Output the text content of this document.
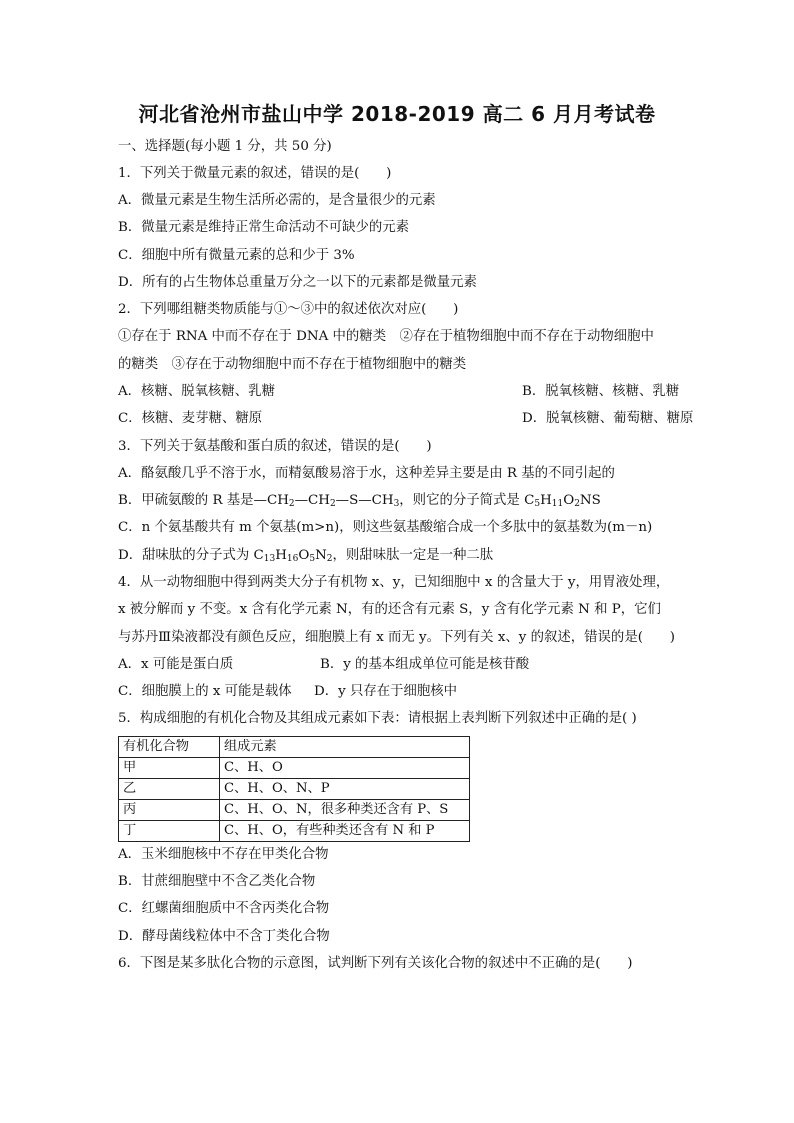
河北省沧州市盐山中学 2018-2019 高二 6 月月考试卷
一、选择题(每小题 1 分，共 50 分)
1．下列关于微量元素的叙述，错误的是(　　)
A．微量元素是生物生活所必需的，是含量很少的元素
B．微量元素是维持正常生命活动不可缺少的元素
C．细胞中所有微量元素的总和少于 3%
D．所有的占生物体总重量万分之一以下的元素都是微量元素
2．下列哪组糖类物质能与①～③中的叙述依次对应(　　)
①存在于 RNA 中而不存在于 DNA 中的糖类　②存在于植物细胞中而不存在于动物细胞中
的糖类　③存在于动物细胞中而不存在于植物细胞中的糖类
A．核糖、脱氧核糖、乳糖	B．脱氧核糖、核糖、乳糖
C．核糖、麦芽糖、糖原	D．脱氧核糖、葡萄糖、糖原
3．下列关于氨基酸和蛋白质的叙述，错误的是(　　)
A．酪氨酸几乎不溶于水，而精氨酸易溶于水，这种差异主要是由 R 基的不同引起的
B．甲硫氨酸的 R 基是$—CH_2—CH_2—S—CH_3$，则它的分子简式是 $C_5H_{11}O_2NS$
C．n 个氨基酸共有 m 个氨基(m>n)，则这些氨基酸缩合成一个多肽中的氨基数为(m－n)
D．甜味肽的分子式为 $C_{13}H_{16}O_5N_2$，则甜味肽一定是一种二肽
4．从一动物细胞中得到两类大分子有机物 x、y，已知细胞中 x 的含量大于 y，用胃液处理，
x 被分解而 y 不变。x 含有化学元素 N，有的还含有元素 S，y 含有化学元素 N 和 P，它们
与苏丹Ⅲ染液都没有颜色反应，细胞膜上有 x 而无 y。下列有关 x、y 的叙述，错误的是(　　)
A．x 可能是蛋白质	B．y 的基本组成单位可能是核苷酸
C．细胞膜上的 x 可能是载体 D．y 只存在于细胞核中
5．构成细胞的有机化合物及其组成元素如下表：请根据上表判断下列叙述中正确的是( )
有机化合物	组成元素
甲	C、H、O
乙	C、H、O、N、P
丙	C、H、O、N，很多种类还含有 P、S
丁	C、H、O，有些种类还含有 N 和 P
A．玉米细胞核中不存在甲类化合物
B．甘蔗细胞壁中不含乙类化合物
C．红螺菌细胞质中不含丙类化合物
D．酵母菌线粒体中不含丁类化合物
6．下图是某多肽化合物的示意图，试判断下列有关该化合物的叙述中不正确的是(　　)
